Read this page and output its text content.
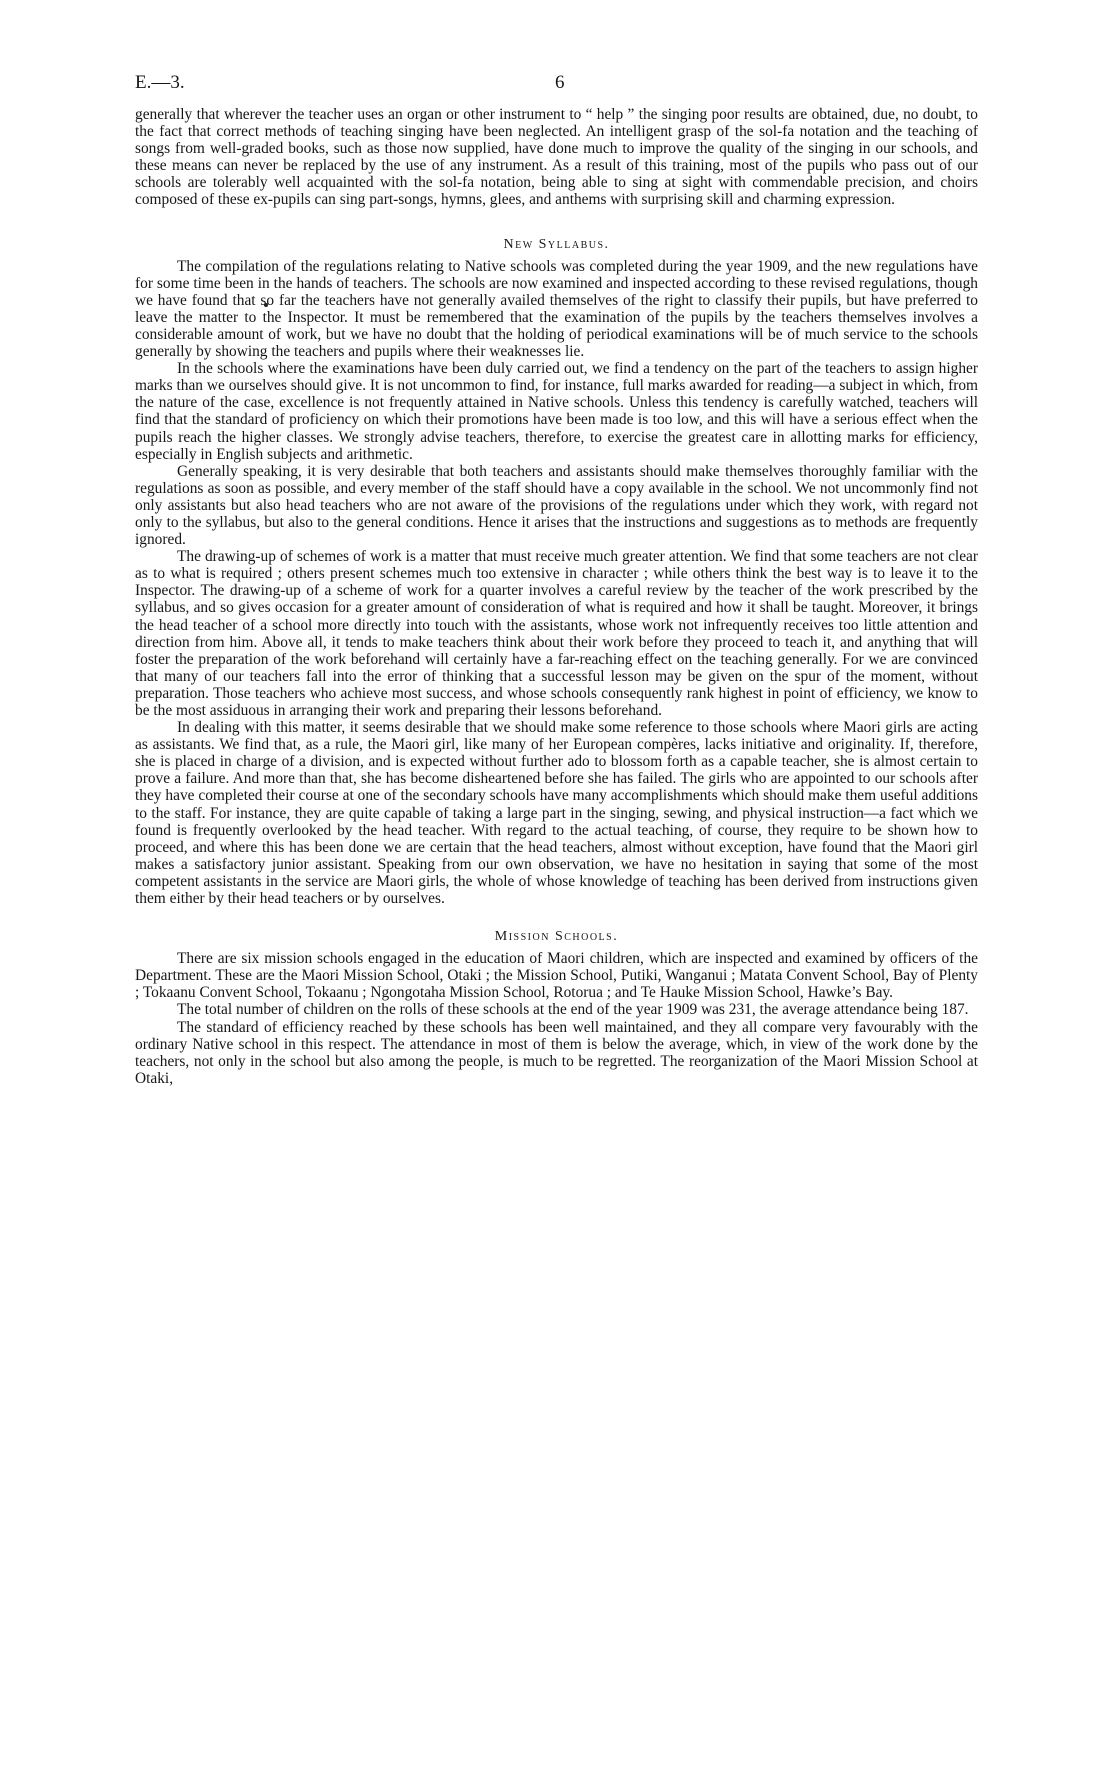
E.—3.	6

generally that wherever the teacher uses an organ or other instrument to “ help ” the singing poor results are obtained, due, no doubt, to the fact that correct methods of teaching singing have been neglected. An intelligent grasp of the sol-fa notation and the teaching of songs from well-graded books, such as those now supplied, have done much to improve the quality of the singing in our schools, and these means can never be replaced by the use of any instrument. As a result of this training, most of the pupils who pass out of our schools are tolerably well acquainted with the sol-fa notation, being able to sing at sight with commendable precision, and choirs composed of these ex-pupils can sing part-songs, hymns, glees, and anthems with surprising skill and charming expression.

New Syllabus.

The compilation of the regulations relating to Native schools was completed during the year 1909, and the new regulations have for some time been in the hands of teachers. The schools are now examined and inspected according to these revised regulations, though we have found that so far the teachers have not generally availed themselves of the right to classify their pupils, but have preferred to leave the matter to the Inspector. It must be remembered that the examination of the pupils by the teachers themselves involves a considerable amount of work, but we have no doubt that the holding of periodical examinations will be of much service to the schools generally by showing the teachers and pupils where their weaknesses lie.

In the schools where the examinations have been duly carried out, we find a tendency on the part of the teachers to assign higher marks than we ourselves should give. It is not uncommon to find, for instance, full marks awarded for reading—a subject in which, from the nature of the case, excellence is not frequently attained in Native schools. Unless this tendency is carefully watched, teachers will find that the standard of proficiency on which their promotions have been made is too low, and this will have a serious effect when the pupils reach the higher classes. We strongly advise teachers, therefore, to exercise the greatest care in allotting marks for efficiency, especially in English subjects and arithmetic.

Generally speaking, it is very desirable that both teachers and assistants should make themselves thoroughly familiar with the regulations as soon as possible, and every member of the staff should have a copy available in the school. We not uncommonly find not only assistants but also head teachers who are not aware of the provisions of the regulations under which they work, with regard not only to the syllabus, but also to the general conditions. Hence it arises that the instructions and suggestions as to methods are frequently ignored.

The drawing-up of schemes of work is a matter that must receive much greater attention. We find that some teachers are not clear as to what is required ; others present schemes much too extensive in character ; while others think the best way is to leave it to the Inspector. The drawing-up of a scheme of work for a quarter involves a careful review by the teacher of the work prescribed by the syllabus, and so gives occasion for a greater amount of consideration of what is required and how it shall be taught. Moreover, it brings the head teacher of a school more directly into touch with the assistants, whose work not infrequently receives too little attention and direction from him. Above all, it tends to make teachers think about their work before they proceed to teach it, and anything that will foster the preparation of the work beforehand will certainly have a far-reaching effect on the teaching generally. For we are convinced that many of our teachers fall into the error of thinking that a successful lesson may be given on the spur of the moment, without preparation. Those teachers who achieve most success, and whose schools consequently rank highest in point of efficiency, we know to be the most assiduous in arranging their work and preparing their lessons beforehand.

In dealing with this matter, it seems desirable that we should make some reference to those schools where Maori girls are acting as assistants. We find that, as a rule, the Maori girl, like many of her European compères, lacks initiative and originality. If, therefore, she is placed in charge of a division, and is expected without further ado to blossom forth as a capable teacher, she is almost certain to prove a failure. And more than that, she has become disheartened before she has failed. The girls who are appointed to our schools after they have completed their course at one of the secondary schools have many accomplishments which should make them useful additions to the staff. For instance, they are quite capable of taking a large part in the singing, sewing, and physical instruction—a fact which we found is frequently overlooked by the head teacher. With regard to the actual teaching, of course, they require to be shown how to proceed, and where this has been done we are certain that the head teachers, almost without exception, have found that the Maori girl makes a satisfactory junior assistant. Speaking from our own observation, we have no hesitation in saying that some of the most competent assistants in the service are Maori girls, the whole of whose knowledge of teaching has been derived from instructions given them either by their head teachers or by ourselves.

Mission Schools.

There are six mission schools engaged in the education of Maori children, which are inspected and examined by officers of the Department. These are the Maori Mission School, Otaki ; the Mission School, Putiki, Wanganui ; Matata Convent School, Bay of Plenty ; Tokaanu Convent School, Tokaanu ; Ngongotaha Mission School, Rotorua ; and Te Hauke Mission School, Hawke’s Bay.

The total number of children on the rolls of these schools at the end of the year 1909 was 231, the average attendance being 187.

The standard of efficiency reached by these schools has been well maintained, and they all compare very favourably with the ordinary Native school in this respect. The attendance in most of them is below the average, which, in view of the work done by the teachers, not only in the school but also among the people, is much to be regretted. The reorganization of the Maori Mission School at Otaki,
